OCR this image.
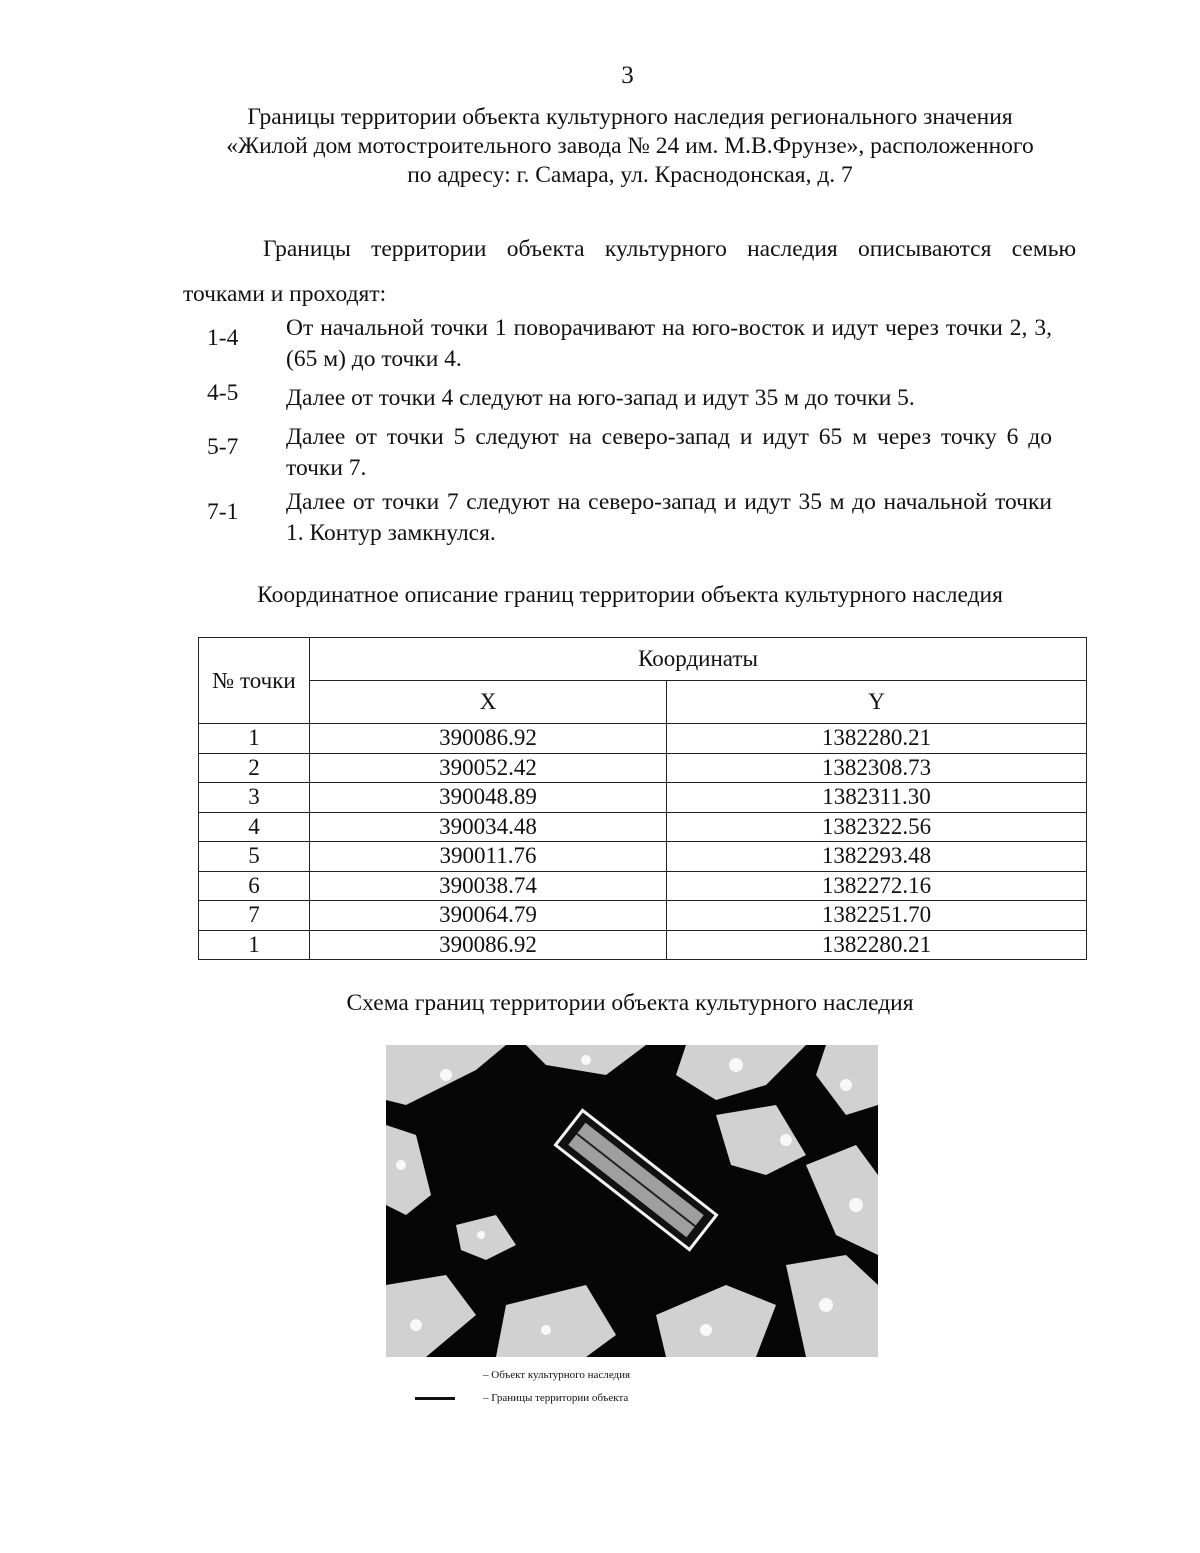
3
Границы территории объекта культурного наследия регионального значения
«Жилой дом мотостроительного завода № 24 им. М.В.Фрунзе», расположенного
по адресу: г. Самара, ул. Краснодонская, д. 7
Границы территории объекта культурного наследия описываются семью точками и проходят:
1-4	От начальной точки 1 поворачивают на юго-восток и идут через точки 2, 3, (65 м) до точки 4.
4-5	Далее от точки 4 следуют на юго-запад и идут 35 м до точки 5.
5-7	Далее от точки 5 следуют на северо-запад и идут 65 м через точку 6 до точки 7.
7-1	Далее от точки 7 следуют на северо-запад и идут 35 м до начальной точки 1. Контур замкнулся.
Координатное описание границ территории объекта культурного наследия
№ точки	Координаты	
	X	Y
1	390086.92	1382280.21
2	390052.42	1382308.73
3	390048.89	1382311.30
4	390034.48	1382322.56
5	390011.76	1382293.48
6	390038.74	1382272.16
7	390064.79	1382251.70
1	390086.92	1382280.21
Схема границ территории объекта культурного наследия
– Объект культурного наследия
– Границы территории объекта
